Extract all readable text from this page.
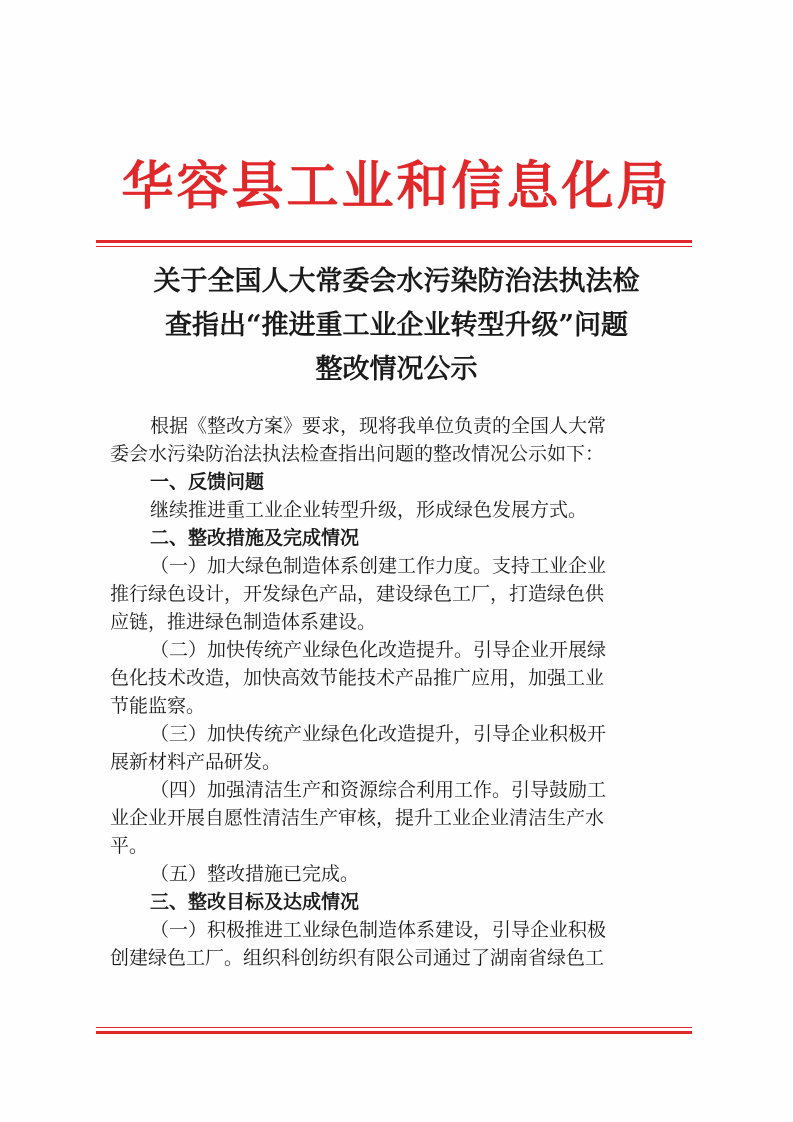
华容县工业和信息化局
关于全国人大常委会水污染防治法执法检
查指出“推进重工业企业转型升级”问题
整改情况公示
根据《整改方案》要求，现将我单位负责的全国人大常
委会水污染防治法执法检查指出问题的整改情况公示如下：
一、反馈问题
继续推进重工业企业转型升级，形成绿色发展方式。
二、整改措施及完成情况
（一）加大绿色制造体系创建工作力度。支持工业企业
推行绿色设计，开发绿色产品，建设绿色工厂，打造绿色供
应链，推进绿色制造体系建设。
（二）加快传统产业绿色化改造提升。引导企业开展绿
色化技术改造，加快高效节能技术产品推广应用，加强工业
节能监察。
（三）加快传统产业绿色化改造提升，引导企业积极开
展新材料产品研发。
（四）加强清洁生产和资源综合利用工作。引导鼓励工
业企业开展自愿性清洁生产审核，提升工业企业清洁生产水
平。
（五）整改措施已完成。
三、整改目标及达成情况
（一）积极推进工业绿色制造体系建设，引导企业积极
创建绿色工厂。组织科创纺织有限公司通过了湖南省绿色工
